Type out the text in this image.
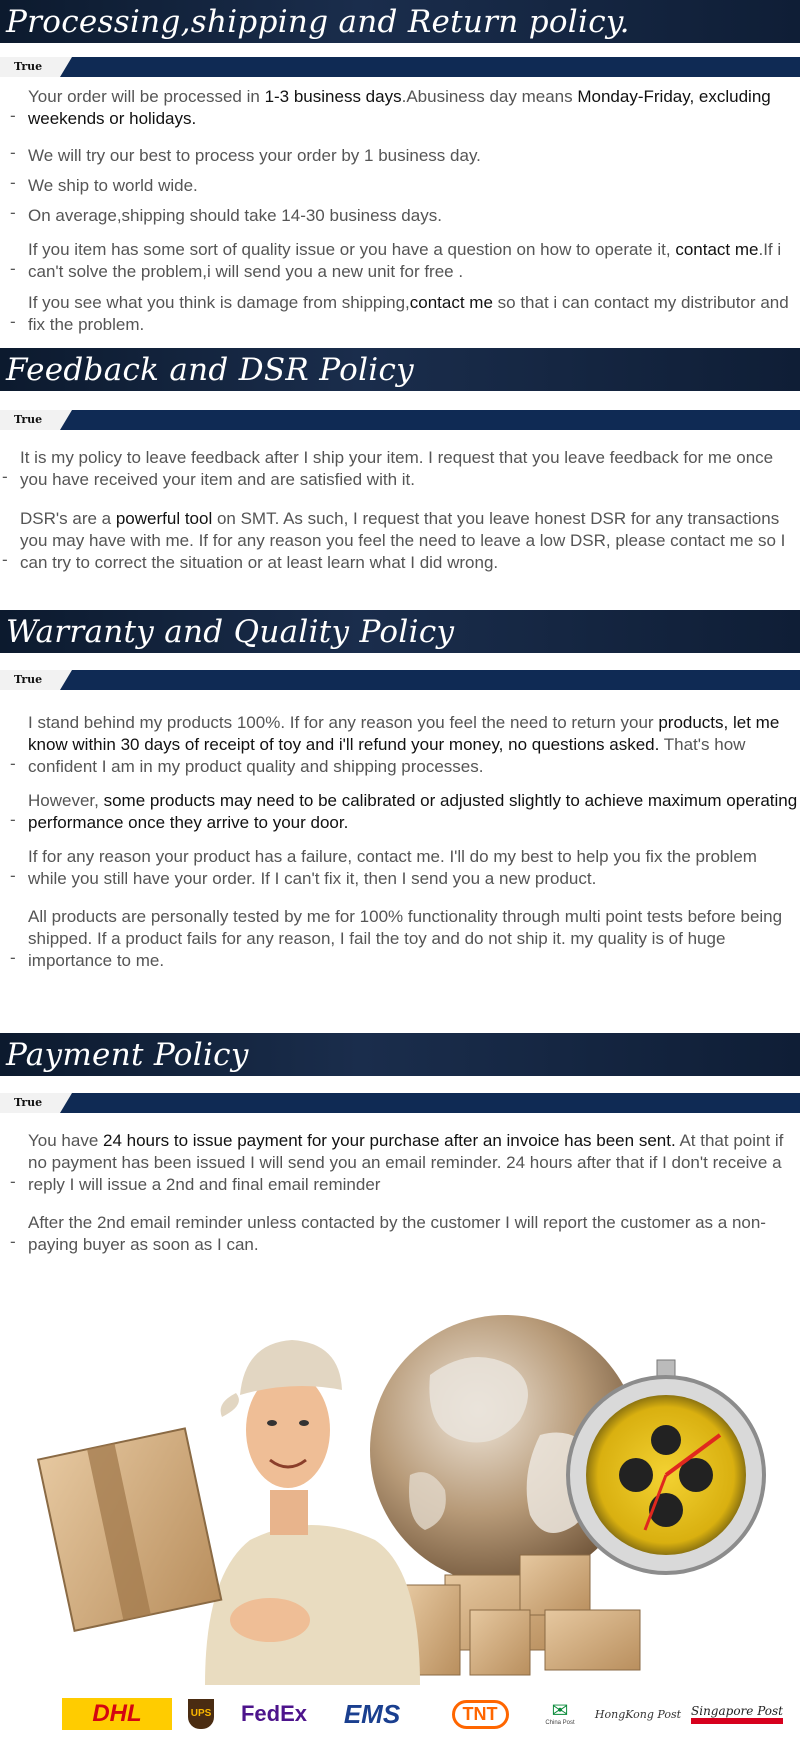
Processing,shipping and Return policy.
True
-
Your order will be processed in 1-3 business days.Abusiness day means Monday-Friday, excluding weekends or holidays.
- We will try our best to process your order by 1 business day.
- We ship to world wide.
- On average,shipping should take 14-30 business days.
-
If you item has some sort of quality issue or you have a question on how to operate it, contact me.If i can't solve the problem,i will send you a new unit for free .
-
If you see what you think is damage from shipping,contact me so that i can contact my distributor and fix the problem.
Feedback and DSR Policy
True
-
It is my policy to leave feedback after I ship your item. I request that you leave feedback for me once you have received your item and are satisfied with it.
-
DSR's are a powerful tool on SMT. As such, I request that you leave honest DSR for any transactions you may have with me. If for any reason you feel the need to leave a low DSR, please contact me so I can try to correct the situation or at least learn what I did wrong.
Warranty and Quality Policy
True
-
I stand behind my products 100%. If for any reason you feel the need to return your products, let me know within 30 days of receipt of toy and i'll refund your money, no questions asked. That's how confident I am in my product quality and shipping processes.
-
However, some products may need to be calibrated or adjusted slightly to achieve maximum operating performance once they arrive to your door.
-
If for any reason your product has a failure, contact me. I'll do my best to help you fix the problem while you still have your order. If I can't fix it, then I send you a new product.
-
All products are personally tested by me for 100% functionality through multi point tests before being shipped. If a product fails for any reason, I fail the toy and do not ship it. my quality is of huge importance to me.
Payment Policy
True
-
You have 24 hours to issue payment for your purchase after an invoice has been sent. At that point if no payment has been issued I will send you an email reminder. 24 hours after that if I don't receive a reply I will issue a 2nd and final email reminder
-
After the 2nd email reminder unless contacted by the customer I will report the customer as a non-paying buyer as soon as I can.
DHL	UPS FedEx EMS	TNT	✉
China Post
HongKong Post Singapore Post
